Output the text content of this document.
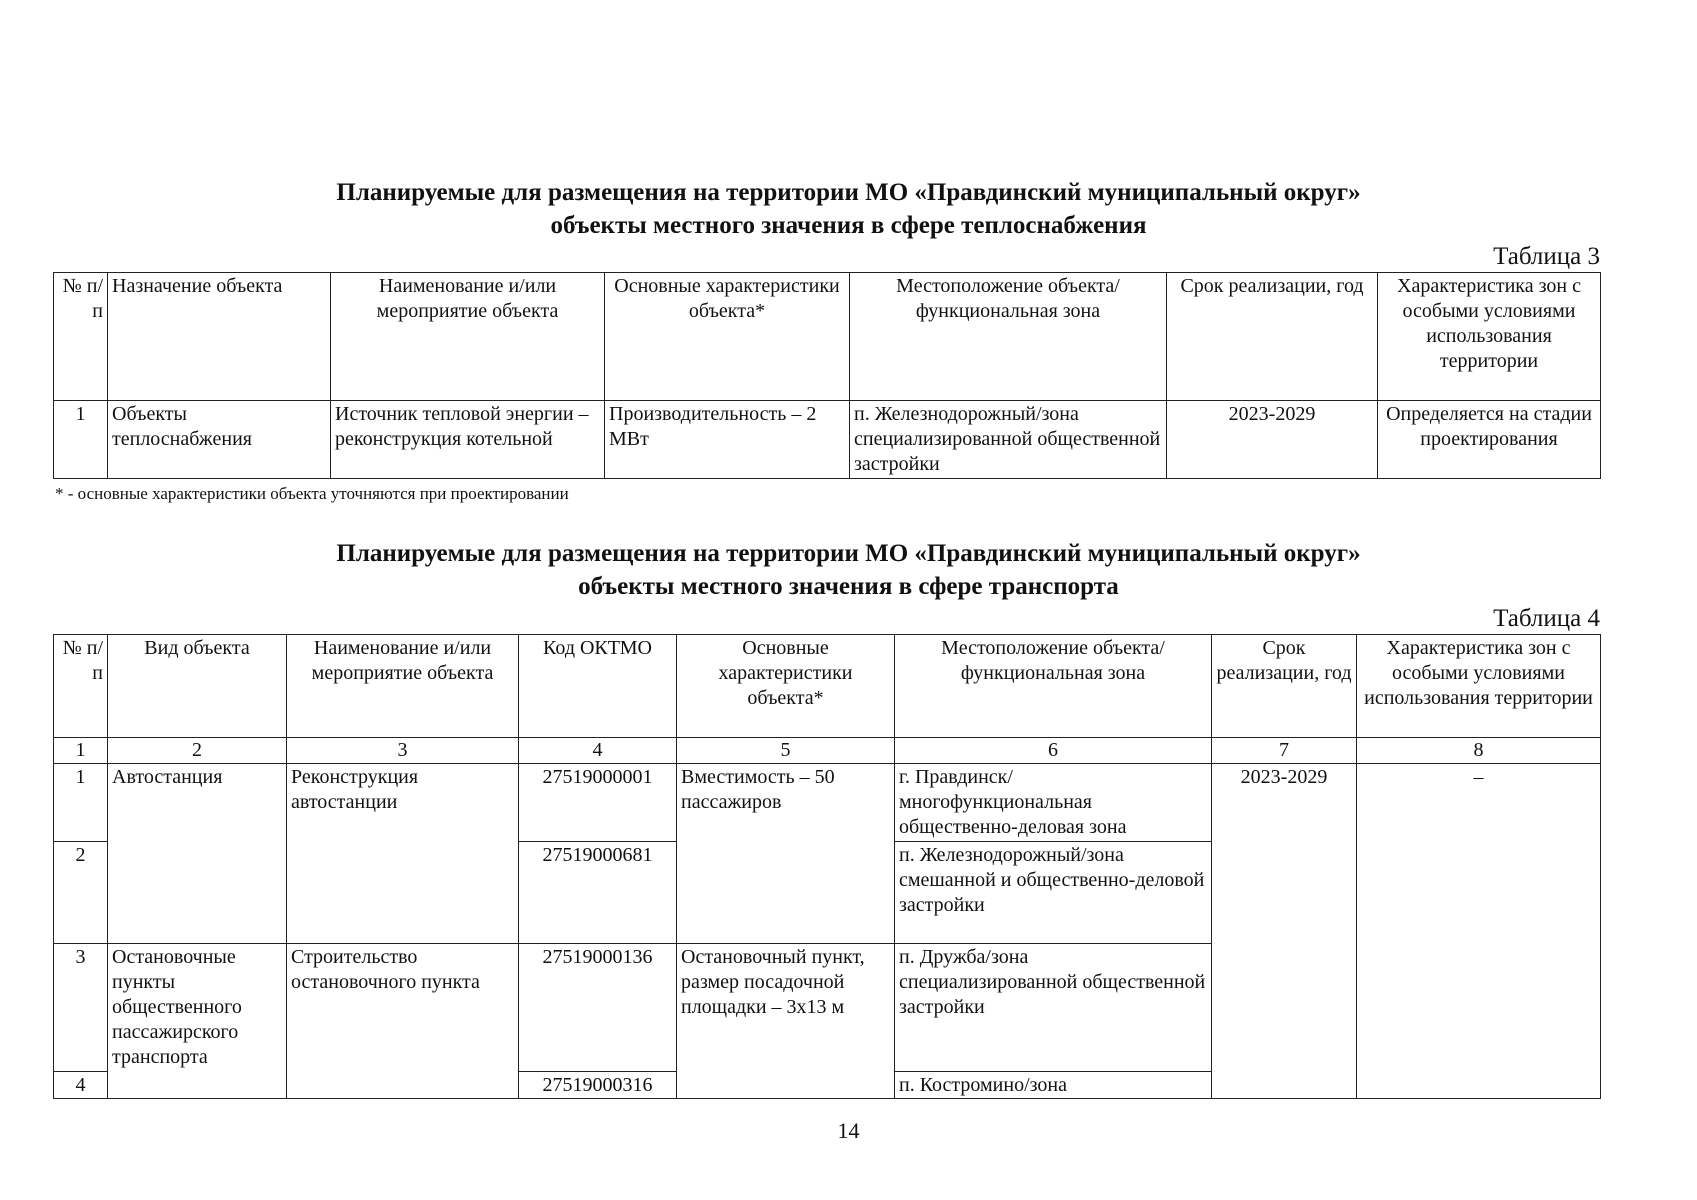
Планируемые для размещения на территории МО «Правдинский муниципальный округ»
объекты местного значения в сфере теплоснабжения
Таблица 3
№ п/п	Назначение объекта	Наименование и/или мероприятие объекта	Основные характеристики объекта*	Местоположение объекта/функциональная зона	Срок реализации, год	Характеристика зон с особыми условиями использования территории
1	Объекты теплоснабжения	Источник тепловой энергии – реконструкция котельной	Производительность – 2 МВт	п. Железнодорожный/зона специализированной общественной застройки	2023-2029	Определяется на стадии проектирования
* - основные характеристики объекта уточняются при проектировании
Планируемые для размещения на территории МО «Правдинский муниципальный округ»
объекты местного значения в сфере транспорта
Таблица 4
№ п/п	Вид объекта	Наименование и/или мероприятие объекта	Код ОКТМО	Основные характеристики объекта*	Местоположение объекта/функциональная зона	Срок реализации, год	Характеристика зон с особыми условиями использования территории
1	2	3	4	5	6	7	8
1	Автостанция	Реконструкция автостанции	27519000001	Вместимость – 50 пассажиров	г. Правдинск/ многофункциональная общественно-деловая зона	2023-2029	–
2			27519000681		п. Железнодорожный/зона смешанной и общественно-деловой застройки		
3	Остановочные пункты общественного пассажирского транспорта	Строительство остановочного пункта	27519000136	Остановочный пункт, размер посадочной площадки – 3х13 м	п. Дружба/зона специализированной общественной застройки		
4			27519000316		п. Костромино/зона		
14
